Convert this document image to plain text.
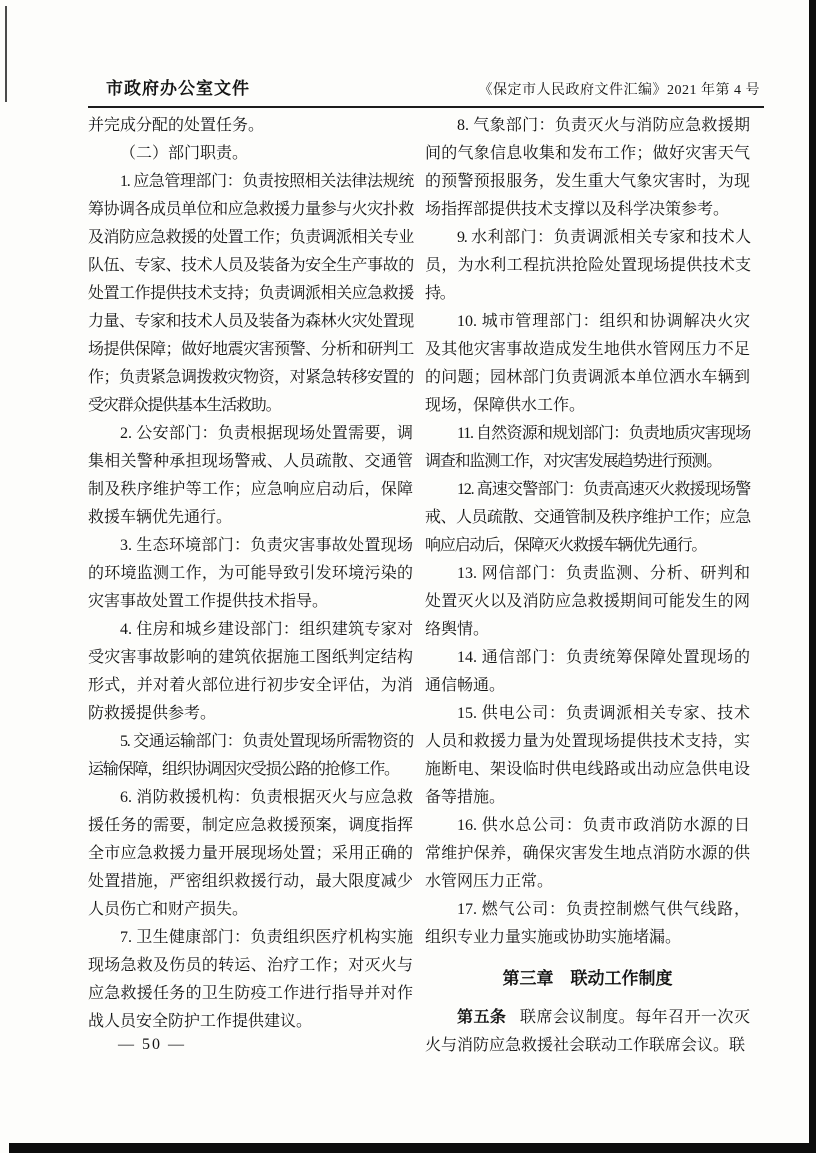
市政府办公室文件	《保定市人民政府文件汇编》2021 年第 4 号

并完成分配的处置任务。

（二）部门职责。

1. 应急管理部门：负责按照相关法律法规统筹协调各成员单位和应急救援力量参与火灾扑救及消防应急救援的处置工作；负责调派相关专业队伍、专家、技术人员及装备为安全生产事故的处置工作提供技术支持；负责调派相关应急救援力量、专家和技术人员及装备为森林火灾处置现场提供保障；做好地震灾害预警、分析和研判工作；负责紧急调拨救灾物资，对紧急转移安置的受灾群众提供基本生活救助。

2. 公安部门：负责根据现场处置需要，调集相关警种承担现场警戒、人员疏散、交通管制及秩序维护等工作；应急响应启动后，保障救援车辆优先通行。

3. 生态环境部门：负责灾害事故处置现场的环境监测工作，为可能导致引发环境污染的灾害事故处置工作提供技术指导。

4. 住房和城乡建设部门：组织建筑专家对受灾害事故影响的建筑依据施工图纸判定结构形式，并对着火部位进行初步安全评估，为消防救援提供参考。

5. 交通运输部门：负责处置现场所需物资的运输保障，组织协调因灾受损公路的抢修工作。

6. 消防救援机构：负责根据灭火与应急救援任务的需要，制定应急救援预案，调度指挥全市应急救援力量开展现场处置；采用正确的处置措施，严密组织救援行动，最大限度减少人员伤亡和财产损失。

7. 卫生健康部门：负责组织医疗机构实施现场急救及伤员的转运、治疗工作；对灭火与应急救援任务的卫生防疫工作进行指导并对作战人员安全防护工作提供建议。

8. 气象部门：负责灭火与消防应急救援期间的气象信息收集和发布工作；做好灾害天气的预警预报服务，发生重大气象灾害时，为现场指挥部提供技术支撑以及科学决策参考。

9. 水利部门：负责调派相关专家和技术人员，为水利工程抗洪抢险处置现场提供技术支持。

10. 城市管理部门：组织和协调解决火灾及其他灾害事故造成发生地供水管网压力不足的问题；园林部门负责调派本单位洒水车辆到现场，保障供水工作。

11. 自然资源和规划部门：负责地质灾害现场调查和监测工作，对灾害发展趋势进行预测。

12. 高速交警部门：负责高速灭火救援现场警戒、人员疏散、交通管制及秩序维护工作；应急响应启动后，保障灭火救援车辆优先通行。

13. 网信部门：负责监测、分析、研判和处置灭火以及消防应急救援期间可能发生的网络舆情。

14. 通信部门：负责统筹保障处置现场的通信畅通。

15. 供电公司：负责调派相关专家、技术人员和救援力量为处置现场提供技术支持，实施断电、架设临时供电线路或出动应急供电设备等措施。

16. 供水总公司：负责市政消防水源的日常维护保养，确保灾害发生地点消防水源的供水管网压力正常。

17. 燃气公司：负责控制燃气供气线路，组织专业力量实施或协助实施堵漏。

第三章　联动工作制度

第五条 联席会议制度。每年召开一次灭火与消防应急救援社会联动工作联席会议。联

— 50 —
